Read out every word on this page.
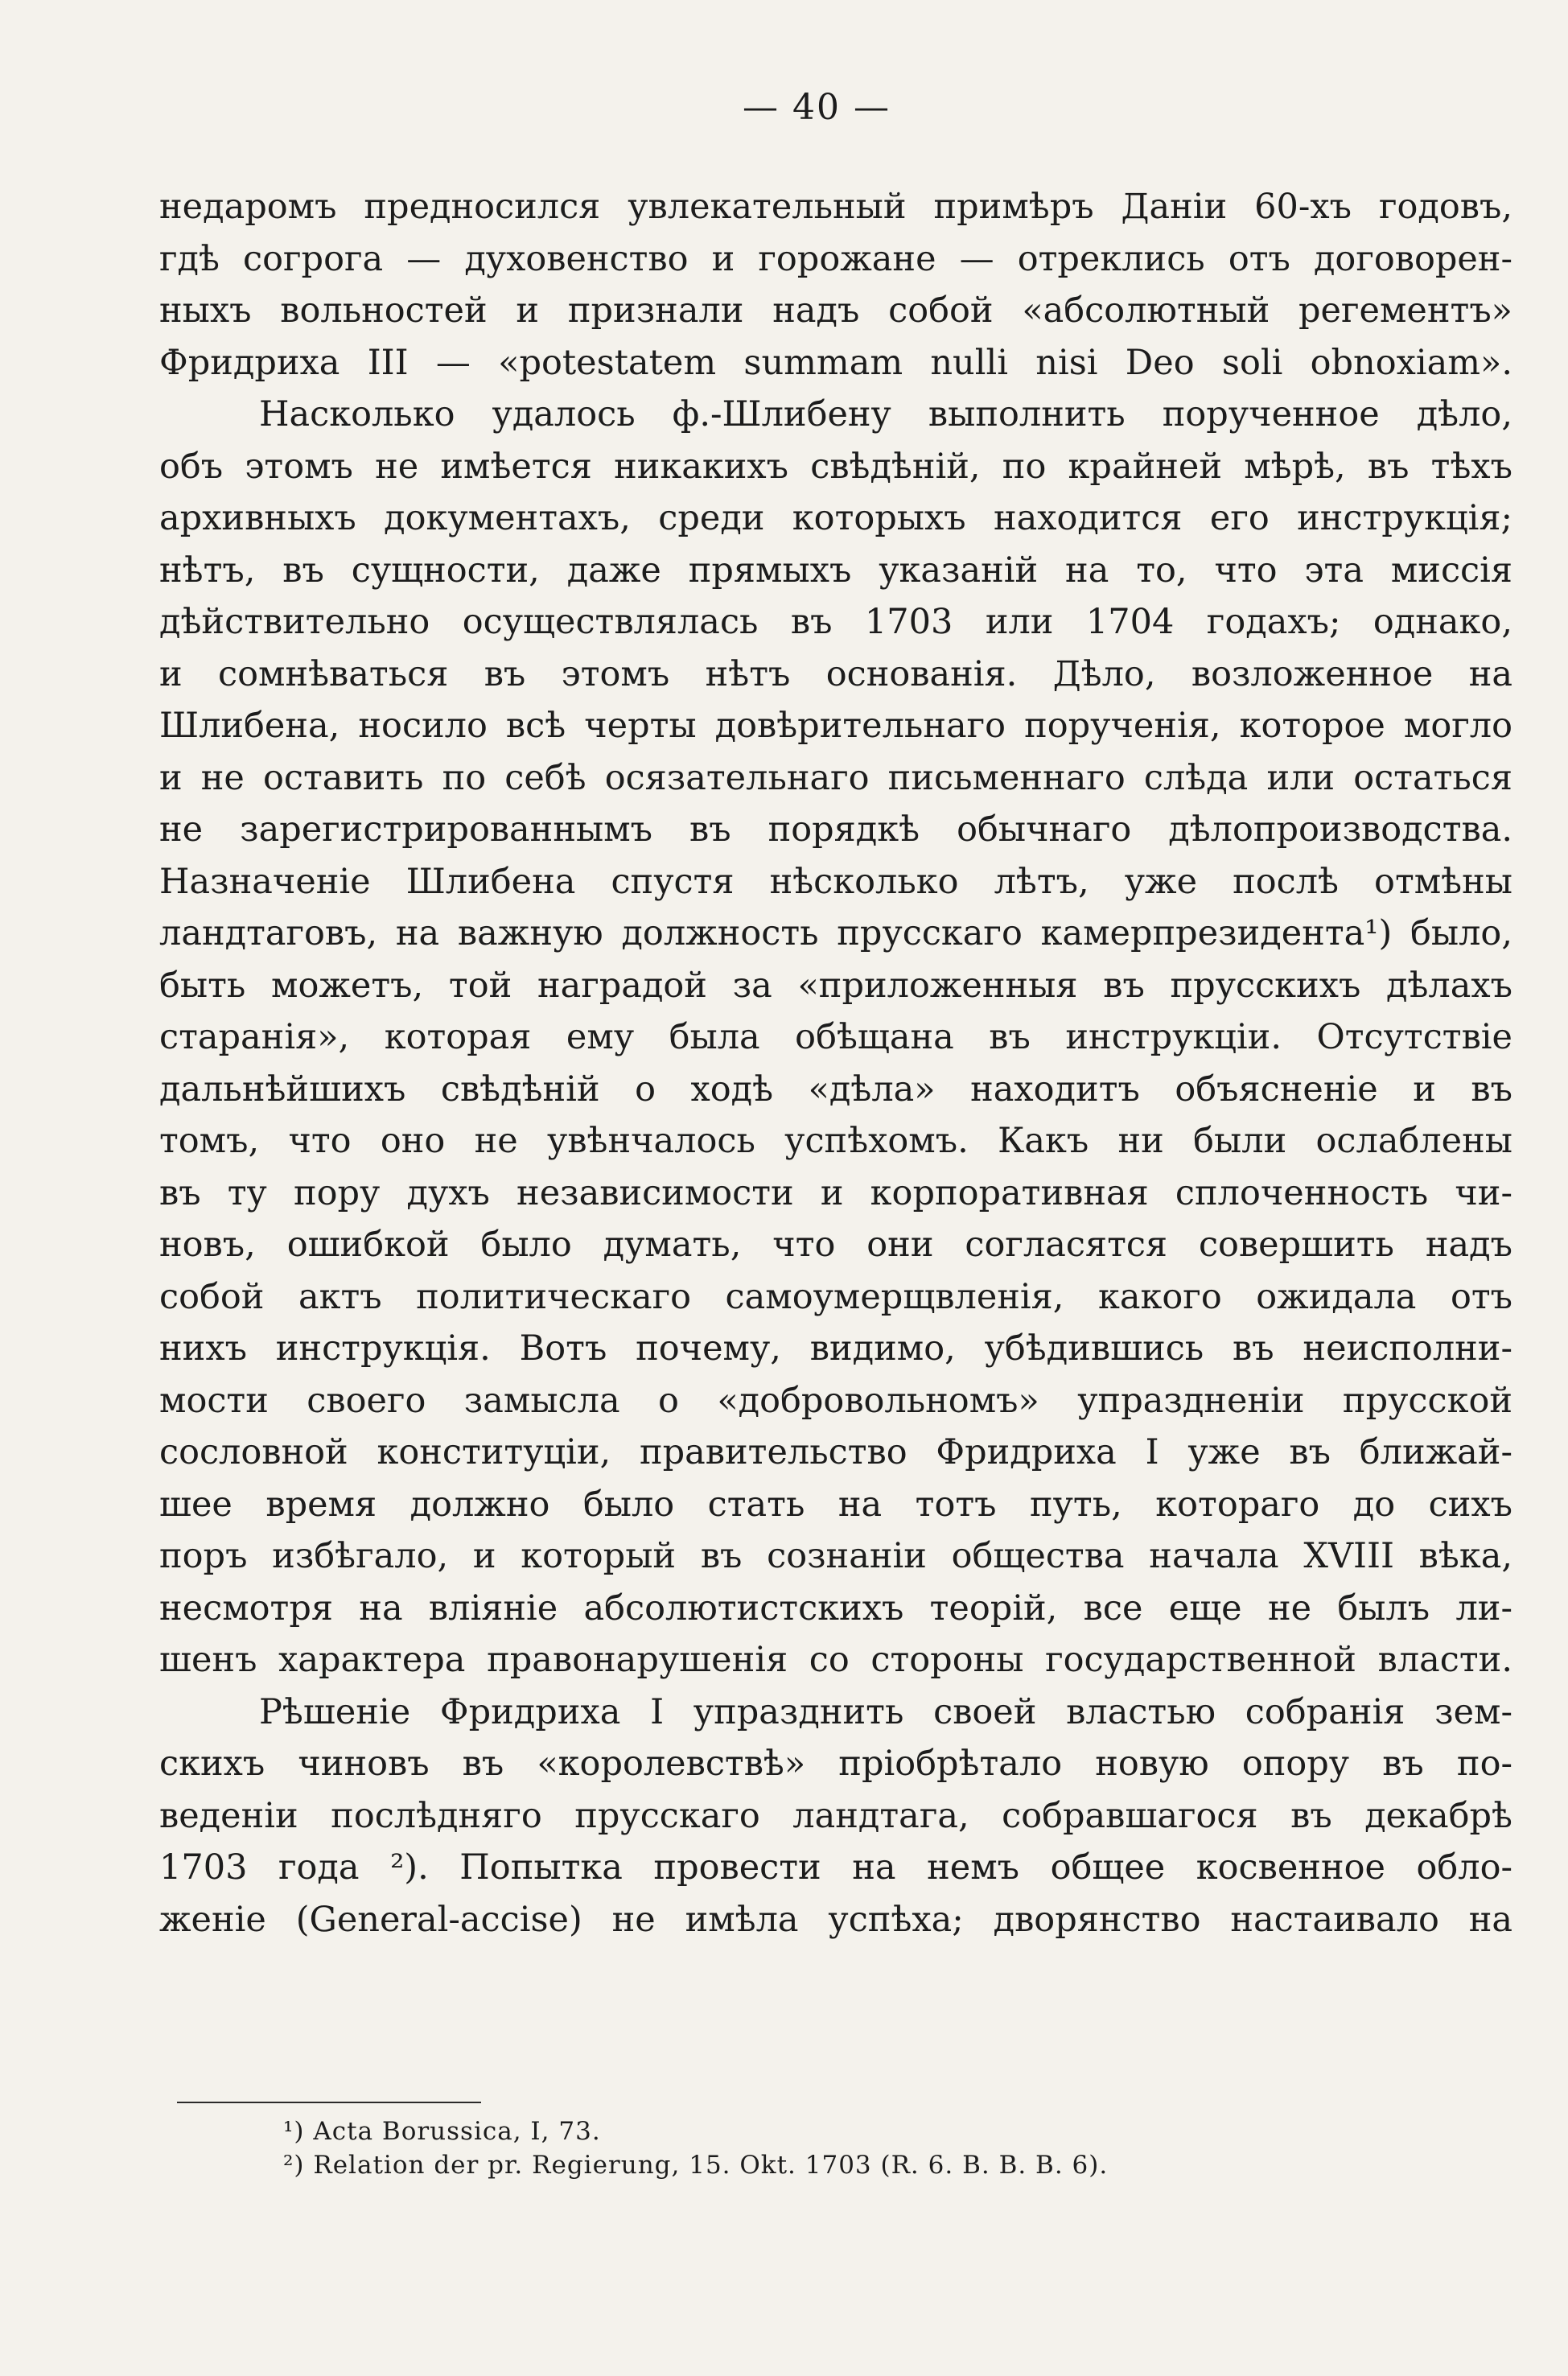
— 40 —
недаромъ предносился увлекательный примѣръ Даніи 60-хъ годовъ,
гдѣ согрога — духовенство и горожане — отреклись отъ договорен-
ныхъ вольностей и признали надъ собой «абсолютный регементъ»
Фридриха III — «potestatem summam nulli nisi Deo soli obnoxiam».
Насколько удалось ф.-Шлибену выполнить порученное дѣло,
объ этомъ не имѣется никакихъ свѣдѣній, по крайней мѣрѣ, въ тѣхъ
архивныхъ документахъ, среди которыхъ находится его инструкція;
нѣтъ, въ сущности, даже прямыхъ указаній на то, что эта миссія
дѣйствительно осуществлялась въ 1703 или 1704 годахъ; однако,
и сомнѣваться въ этомъ нѣтъ основанія. Дѣло, возложенное на
Шлибена, носило всѣ черты довѣрительнаго порученія, которое могло
и не оставить по себѣ осязательнаго письменнаго слѣда или остаться
не зарегистрированнымъ въ порядкѣ обычнаго дѣлопроизводства.
Назначеніе Шлибена спустя нѣсколько лѣтъ, уже послѣ отмѣны
ландтаговъ, на важную должность прусскаго камерпрезидента¹) было,
быть можетъ, той наградой за «приложенныя въ прусскихъ дѣлахъ
старанія», которая ему была обѣщана въ инструкціи. Отсутствіе
дальнѣйшихъ свѣдѣній о ходѣ «дѣла» находитъ объясненіе и въ
томъ, что оно не увѣнчалось успѣхомъ. Какъ ни были ослаблены
въ ту пору духъ независимости и корпоративная сплоченность чи-
новъ, ошибкой было думать, что они согласятся совершить надъ
собой актъ политическаго самоумерщвленія, какого ожидала отъ
нихъ инструкція. Вотъ почему, видимо, убѣдившись въ неисполни-
мости своего замысла о «добровольномъ» упраздненіи прусской
сословной конституціи, правительство Фридриха I уже въ ближай-
шее время должно было стать на тотъ путь, котораго до сихъ
поръ избѣгало, и который въ сознаніи общества начала XVIII вѣка,
несмотря на вліяніе абсолютистскихъ теорій, все еще не былъ ли-
шенъ характера правонарушенія со стороны государственной власти.
Рѣшеніе Фридриха I упразднить своей властью собранія зем-
скихъ чиновъ въ «королевствѣ» пріобрѣтало новую опору въ по-
веденіи послѣдняго прусскаго ландтага, собравшагося въ декабрѣ
1703 года ²). Попытка провести на немъ общее косвенное обло-
женіе (General-accise) не имѣла успѣха; дворянство настаивало на
¹) Acta Borussica, I, 73.
²) Relation der pr. Regierung, 15. Okt. 1703 (R. 6. B. B. B. 6).
